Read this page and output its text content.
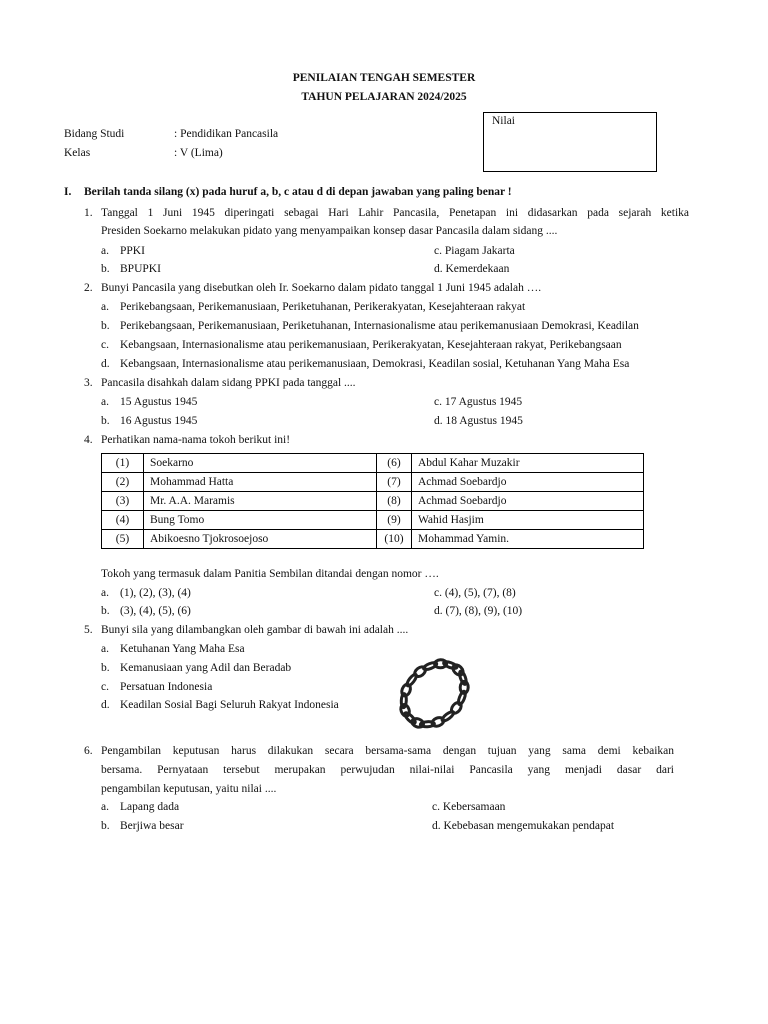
PENILAIAN TENGAH SEMESTER
TAHUN PELAJARAN 2024/2025
Nilai
Bidang Studi	: Pendidikan Pancasila
Kelas	: V (Lima)
I. Berilah tanda silang (x) pada huruf a, b, c atau d di depan jawaban yang paling benar !
1. Tanggal 1 Juni 1945 diperingati sebagai Hari Lahir Pancasila, Penetapan ini didasarkan pada sejarah ketika
Presiden Soekarno melakukan pidato yang menyampaikan konsep dasar Pancasila dalam sidang ....
a. PPKI	c. Piagam Jakarta
b. BPUPKI	d. Kemerdekaan
2. Bunyi Pancasila yang disebutkan oleh Ir. Soekarno dalam pidato tanggal 1 Juni 1945 adalah ….
a. Perikebangsaan, Perikemanusiaan, Periketuhanan, Perikerakyatan, Kesejahteraan rakyat
b. Perikebangsaan, Perikemanusiaan, Periketuhanan, Internasionalisme atau perikemanusiaan Demokrasi, Keadilan
c. Kebangsaan, Internasionalisme atau perikemanusiaan, Perikerakyatan, Kesejahteraan rakyat, Perikebangsaan
d. Kebangsaan, Internasionalisme atau perikemanusiaan, Demokrasi, Keadilan sosial, Ketuhanan Yang Maha Esa
3. Pancasila disahkah dalam sidang PPKI pada tanggal ....
a. 15 Agustus 1945	c. 17 Agustus 1945
b. 16 Agustus 1945	d. 18 Agustus 1945
4. Perhatikan nama-nama tokoh berikut ini!
(1)	Soekarno	(6)	Abdul Kahar Muzakir
(2)	Mohammad Hatta	(7)	Achmad Soebardjo
(3)	Mr. A.A. Maramis	(8)	Achmad Soebardjo
(4)	Bung Tomo	(9)	Wahid Hasjim
(5)	Abikoesno Tjokrosoejoso	(10)	Mohammad Yamin.
Tokoh yang termasuk dalam Panitia Sembilan ditandai dengan nomor ….
a. (1), (2), (3), (4)	c. (4), (5), (7), (8)
b. (3), (4), (5), (6)	d. (7), (8), (9), (10)
5. Bunyi sila yang dilambangkan oleh gambar di bawah ini adalah ....
a. Ketuhanan Yang Maha Esa
b. Kemanusiaan yang Adil dan Beradab
c. Persatuan Indonesia
d. Keadilan Sosial Bagi Seluruh Rakyat Indonesia
6. Pengambilan keputusan harus dilakukan secara bersama-sama dengan tujuan yang sama demi kebaikan
bersama. Pernyataan tersebut merupakan perwujudan nilai-nilai Pancasila yang menjadi dasar dari
pengambilan keputusan, yaitu nilai ....
a. Lapang dada	c. Kebersamaan
b. Berjiwa besar	d. Kebebasan mengemukakan pendapat
